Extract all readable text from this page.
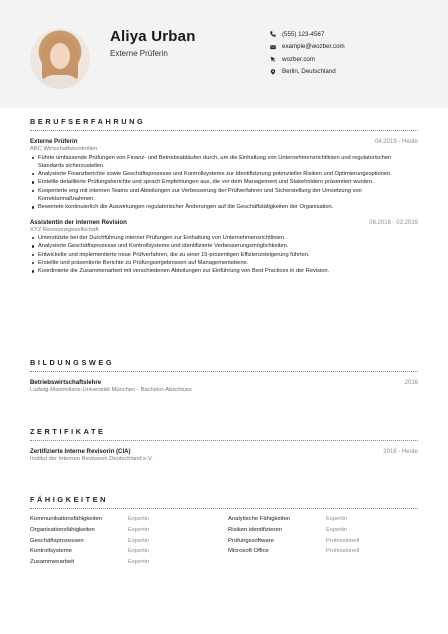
Aliya Urban
Externe Prüferin
(555) 123-4567
example@wozber.com
wozber.com
Berlin, Deutschland
BERUFSERFAHRUNG
Externe Prüferin	04.2019 - Heute
ABC Wirtschaftskontrollen
Führte umfassende Prüfungen von Finanz- und Betriebsabläufen durch, um die Einhaltung von Unternehmensrichtlinien und regulatorischen Standards sicherzustellen.
Analysierte Finanzberichte sowie Geschäftsprozesse und Kontrollsysteme zur Identifizierung potenzieller Risiken und Optimierungsoptionen.
Erstellte detaillierte Prüfungsberichte und sprach Empfehlungen aus, die vor dem Management und Stakeholdern präsentiert wurden.
Kooperierte eng mit internen Teams und Abteilungen zur Verbesserung der Prüfverfahren und Sicherstellung der Umsetzung von Korrekturmaßnahmen.
Bewertete kontinuierlich die Auswirkungen regulatorischer Änderungen auf die Geschäftstätigkeiten der Organisation.
Assistentin der internen Revision	06.2016 - 03.2019
XYZ Revisionsgesellschaft
Unterstützte bei der Durchführung interner Prüfungen zur Einhaltung von Unternehmensrichtlinien.
Analysierte Geschäftsprozesse und Kontrollsysteme und identifizierte Verbesserungsmöglichkeiten.
Entwickelte und implementierte neue Prüfverfahren, die zu einer 15-prozentigen Effizienzsteigerung führten.
Erstellte und präsentierte Berichte zu Prüfungsergebnissen auf Managementebene.
Koordinierte die Zusammenarbeit mit verschiedenen Abteilungen zur Einführung von Best Practices in der Revision.
BILDUNGSWEG
Betriebswirtschaftslehre	2016
Ludwig-Maximilians-Universität München - Bachelor-Abschluss
ZERTIFIKATE
Zertifizierte Interne Revisorin (CIA)	2018 - Heute
Institut der Internen Revisoren Deutschland e.V.
FÄHIGKEITEN
Kommunikationsfähigkeiten	Expertin	Analytische Fähigkeiten	Expertin
Organisationsfähigkeiten	Expertin	Risiken identifizieren	Expertin
Geschäftsprozessen	Expertin	Prüfungssoftware	Professionell
Kontrollsysteme	Expertin	Microsoft Office	Professionell
Zusammenarbeit	Expertin
